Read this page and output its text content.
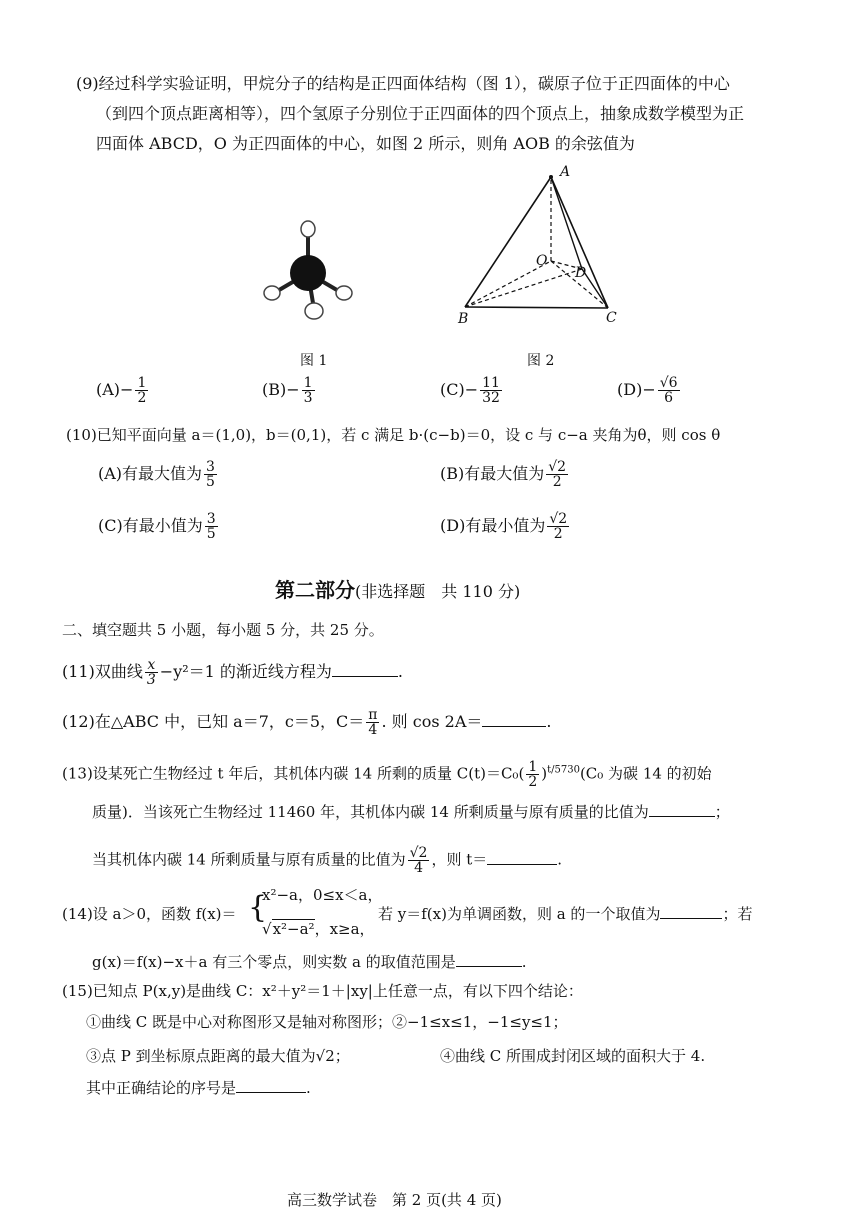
(9)经过科学实验证明，甲烷分子的结构是正四面体结构（图 1），碳原子位于正四面体的中心
（到四个顶点距离相等），四个氢原子分别位于正四面体的四个顶点上，抽象成数学模型为正
四面体 ABCD，O 为正四面体的中心，如图 2 所示，则角 AOB 的余弦值为
图 1
A
B	C
D
O
图 2
$(A)- \frac{1}{2}$	$(B)- \frac{1}{3}$	$(C)- \frac{11}{32}$	$(D)- \frac{√6}{6}$
(10)已知平面向量 a＝(1,0)，b＝(0,1)，若 c 满足 b·(c−b)＝0，设 c 与 c−a 夹角为θ，则 cos θ
(A)有最大值为 $\frac{3}{5}$	(B)有最大值为 $\frac{√2}{2}$
(C)有最小值为 $\frac{3}{5}$	(D)有最小值为 $\frac{√2}{2}$
第二部分(非选择题　共 110 分)
二、填空题共 5 小题，每小题 5 分，共 25 分。
(11)双曲线 $\frac{x}{3} -y^2=1$ 的渐近线方程为	.
(12)在△ABC 中，已知 a＝7，c＝5，$C= \frac{\pi}{4}$ . 则 cos 2A＝	.
(13)设某死亡生物经过 t 年后，其机体内碳 14 所剩的质量 $C(t)=C_0( \frac{1}{2} )^{t/5730}(C_0$ 为碳 14 的初始
质量)．当该死亡生物经过 11460 年，其机体内碳 14 所剩质量与原有质量的比值为	；
当其机体内碳 14 所剩质量与原有质量的比值为 $\frac{√2}{4}$ ，则 t＝	.
(14)设 a＞0，函数 f(x)＝ {
x²−a，0≤x＜a，
√x²−a²，x≥a，
若 y＝f(x)为单调函数，则 a 的一个取值为	；若
g(x)＝f(x)−x＋a 有三个零点，则实数 a 的取值范围是	.
(15)已知点 P(x,y)是曲线 C：x²＋y²＝1＋|xy|上任意一点，有以下四个结论：
①曲线 C 既是中心对称图形又是轴对称图形；②−1≤x≤1，−1≤y≤1；
③点 P 到坐标原点距离的最大值为√2；	④曲线 C 所围成封闭区域的面积大于 4.
其中正确结论的序号是	.
高三数学试卷　第 2 页(共 4 页)
